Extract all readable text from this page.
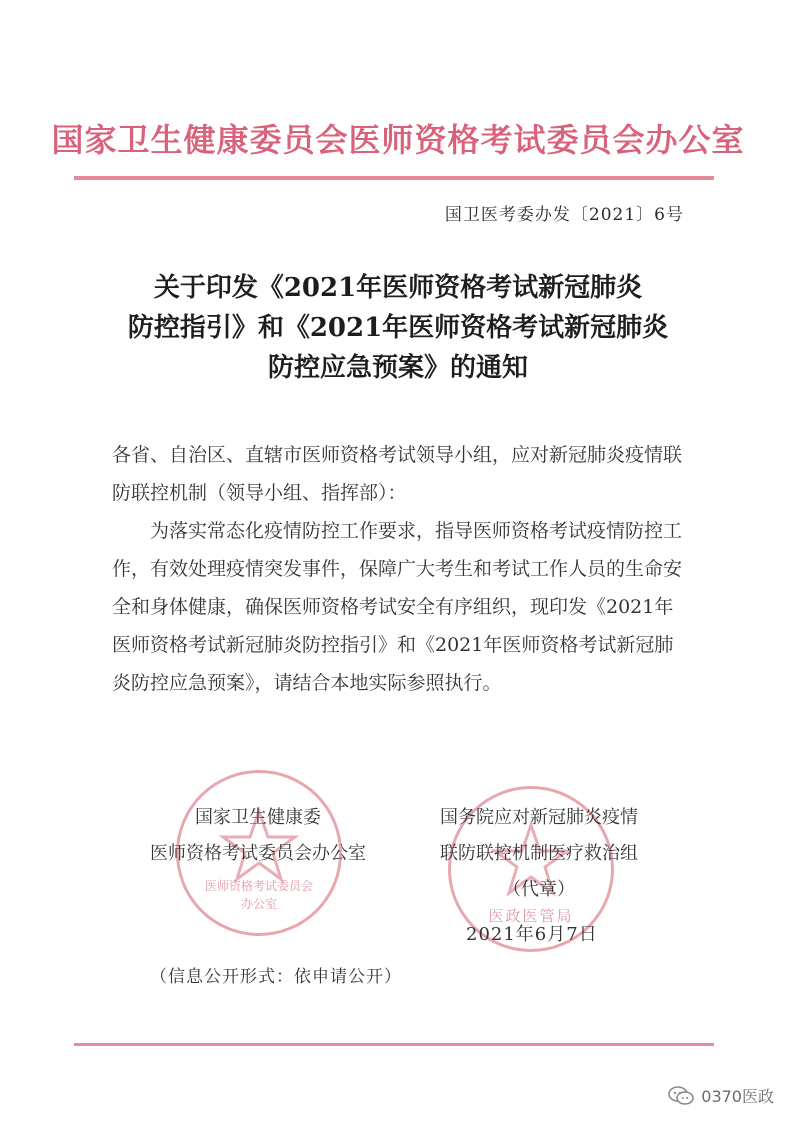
国家卫生健康委员会医师资格考试委员会办公室
国卫医考委办发〔2021〕6号
关于印发《2021年医师资格考试新冠肺炎
防控指引》和《2021年医师资格考试新冠肺炎
防控应急预案》的通知

各省、自治区、直辖市医师资格考试领导小组，应对新冠肺炎疫情联防联控机制（领导小组、指挥部）：

为落实常态化疫情防控工作要求，指导医师资格考试疫情防控工作，有效处理疫情突发事件，保障广大考生和考试工作人员的生命安全和身体健康，确保医师资格考试安全有序组织，现印发《2021年医师资格考试新冠肺炎防控指引》和《2021年医师资格考试新冠肺炎防控应急预案》，请结合本地实际参照执行。

医师资格考试委员会
办公室
医政医管局
国家卫生健康委
医师资格考试委员会办公室
国务院应对新冠肺炎疫情
联防联控机制医疗救治组
（代章）
2021年6月7日
（信息公开形式：依申请公开）
0370医政
